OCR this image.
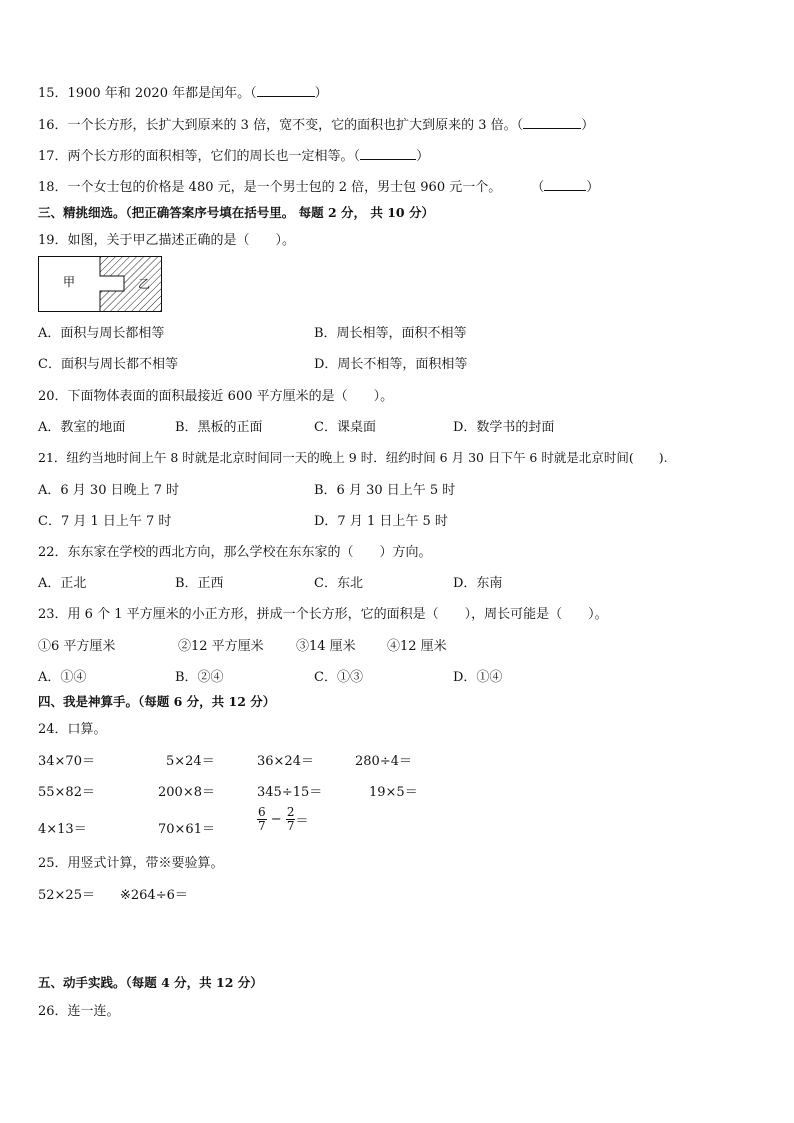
15．1900 年和 2020 年都是闰年。（	）
16．一个长方形，长扩大到原来的 3 倍，宽不变，它的面积也扩大到原来的 3 倍。（	）
17．两个长方形的面积相等，它们的周长也一定相等。（	）
18．一个女士包的价格是 480 元，是一个男士包的 2 倍，男士包 960 元一个。 （	）
三、精挑细选。（把正确答案序号填在括号里。 每题 2 分， 共 10 分）
19．如图，关于甲乙描述正确的是（　　）。
甲	乙
A．面积与周长都相等	B．周长相等，面积不相等
C．面积与周长都不相等	D．周长不相等，面积相等
20．下面物体表面的面积最接近 600 平方厘米的是（　　）。
A．教室的地面	B．黑板的正面	C．课桌面	D．数学书的封面
21．纽约当地时间上午 8 时就是北京时间同一天的晚上 9 时．纽约时间 6 月 30 日下午 6 时就是北京时间(　　).
A．6 月 30 日晚上 7 时	B．6 月 30 日上午 5 时
C．7 月 1 日上午 7 时	D．7 月 1 日上午 5 时
22．东东家在学校的西北方向，那么学校在东东家的（　　）方向。
A．正北	B．正西	C．东北	D．东南
23．用 6 个 1 平方厘米的小正方形，拼成一个长方形，它的面积是（　　），周长可能是（　　）。
①6 平方厘米	②12 平方厘米 ③14 厘米 ④12 厘米
A．①④	B．②④	C．①③	D．①④
四、我是神算手。（每题 6 分，共 12 分）
24．口算。
34×70＝	5×24＝	36×24＝	280÷4＝
55×82＝	200×8＝	345÷15＝	19×5＝
4×13＝	70×61＝	$\frac{6}{7} - \frac{2}{7}$ ＝
25．用竖式计算，带※要验算。
52×25＝ ※264÷6＝
五、动手实践。（每题 4 分，共 12 分）
26．连一连。
